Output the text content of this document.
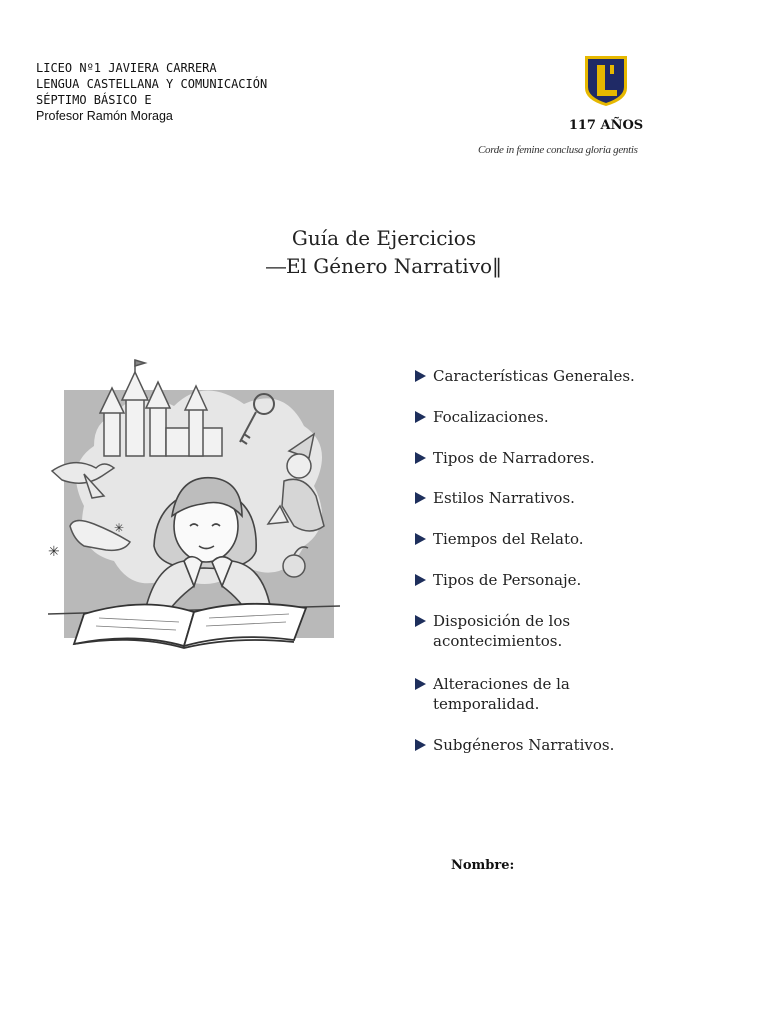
LICEO Nº1 JAVIERA CARRERA
LENGUA CASTELLANA Y COMUNICACIÓN
SÉPTIMO BÁSICO E
Profesor Ramón Moraga
117 AÑOS
Corde in femine conclusa gloria gentis
Guía de Ejercicios
―El Género Narrativo‖
✳
✳
Características Generales.
Focalizaciones.
Tipos de Narradores.
Estilos Narrativos.
Tiempos del Relato.
Tipos de Personaje.
Disposición de los acontecimientos.
Alteraciones de la temporalidad.
Subgéneros Narrativos.
Nombre:
